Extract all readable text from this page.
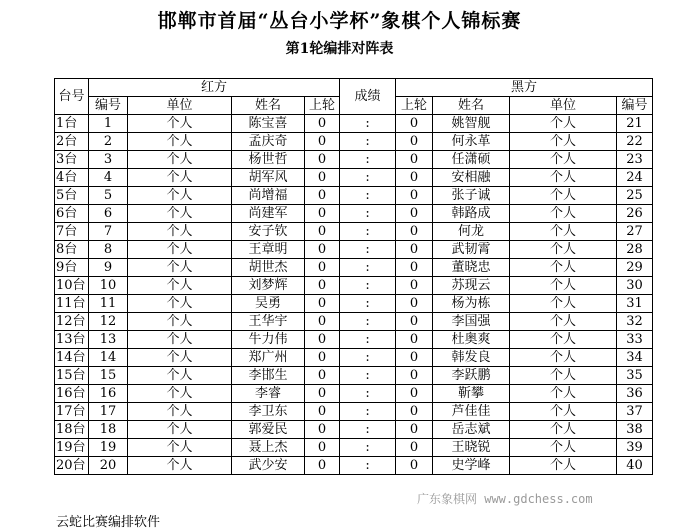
邯郸市首届“丛台小学杯”象棋个人锦标赛
第1轮编排对阵表
台号	红方				成绩	黑方			
	编号	单位	姓名	上轮		上轮	姓名	单位	编号
1台	1	个人	陈宝喜	0	:	0	姚智舰	个人	21
2台	2	个人	孟庆奇	0	:	0	何永革	个人	22
3台	3	个人	杨世哲	0	:	0	任潇硕	个人	23
4台	4	个人	胡军风	0	:	0	安相融	个人	24
5台	5	个人	尚增福	0	:	0	张子诚	个人	25
6台	6	个人	尚建军	0	:	0	韩路成	个人	26
7台	7	个人	安子钦	0	:	0	何龙	个人	27
8台	8	个人	王章明	0	:	0	武韧霄	个人	28
9台	9	个人	胡世杰	0	:	0	董晓忠	个人	29
10台	10	个人	刘梦辉	0	:	0	苏现云	个人	30
11台	11	个人	吴勇	0	:	0	杨为栋	个人	31
12台	12	个人	王华宇	0	:	0	李国强	个人	32
13台	13	个人	牛力伟	0	:	0	杜奥爽	个人	33
14台	14	个人	郑广州	0	:	0	韩发良	个人	34
15台	15	个人	李邯生	0	:	0	李跃鹏	个人	35
16台	16	个人	李睿	0	:	0	靳攀	个人	36
17台	17	个人	李卫东	0	:	0	芦佳佳	个人	37
18台	18	个人	郭爱民	0	:	0	岳志斌	个人	38
19台	19	个人	聂上杰	0	:	0	王晓锐	个人	39
20台	20	个人	武少安	0	:	0	史学峰	个人	40
广东象棋网 www.gdchess.com
云蛇比赛编排软件
